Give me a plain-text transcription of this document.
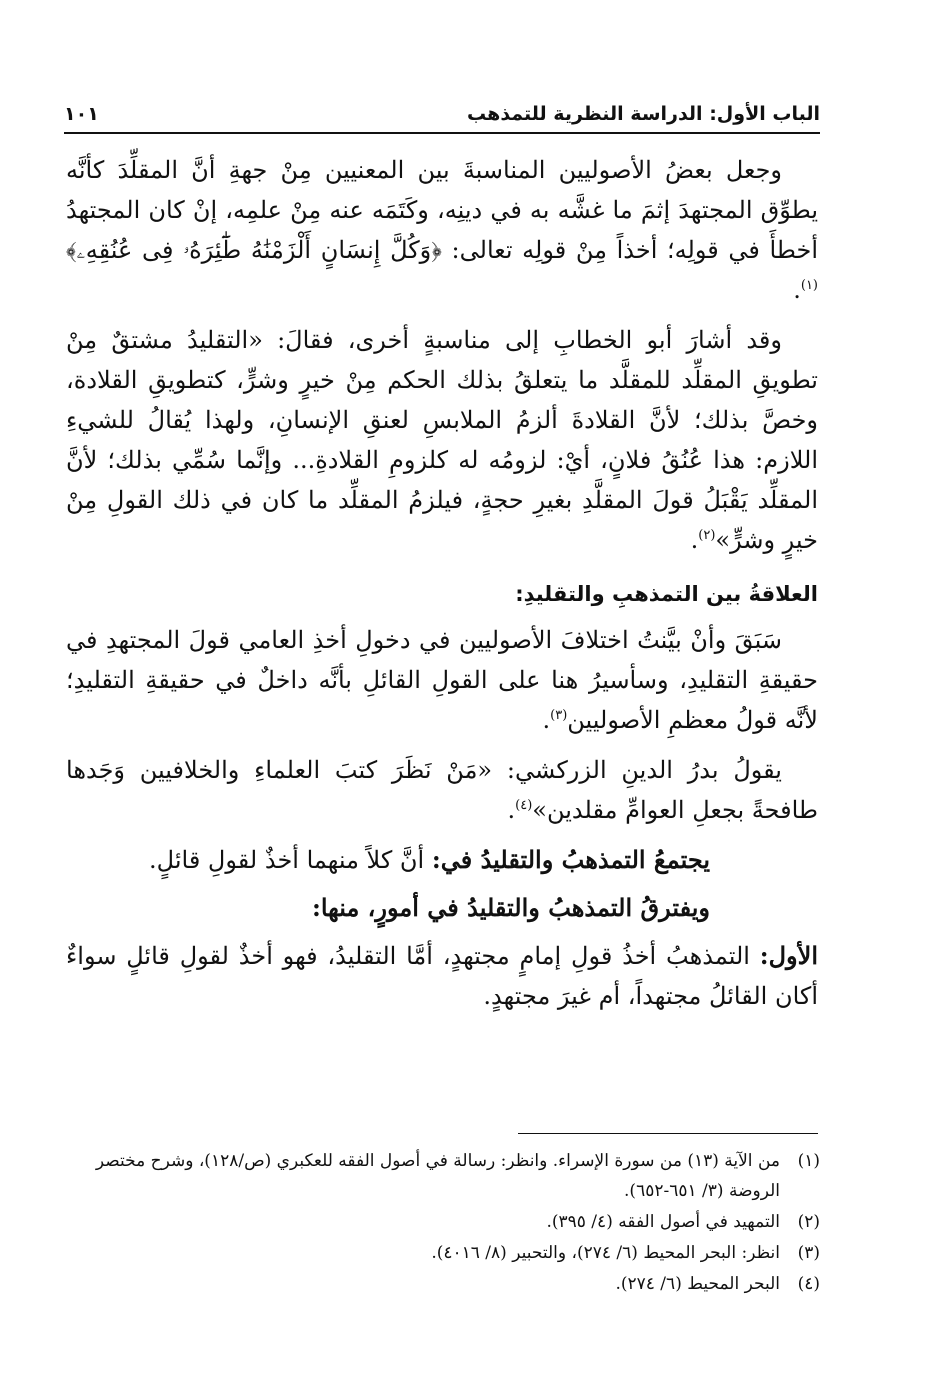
الباب الأول: الدراسة النظرية للتمذهب
١٠١

وجعل بعضُ الأصوليين المناسبةَ بين المعنيين مِنْ جهةِ أنَّ المقلِّدَ كأنَّه يطوِّق المجتهدَ إثمَ ما غشَّه به في دينِه، وكَتَمَه عنه مِنْ علمِه، إنْ كان المجتهدُ أخطأَ في قولِه؛ أخذاً مِنْ قولِه تعالى: ﴿وَكُلَّ إِنسَانٍ أَلْزَمْنَٰهُ طَٰٓئِرَهُۥ فِى عُنُقِهِۦ﴾$^{(١)}$.

وقد أشارَ أبو الخطابِ إلى مناسبةٍ أخرى، فقالَ: «التقليدُ مشتقٌ مِنْ تطويقِ المقلِّد للمقلَّد ما يتعلقُ بذلك الحكم مِنْ خيرٍ وشرٍّ، كتطويقِ القلادة، وخصَّ بذلك؛ لأنَّ القلادةَ ألزمُ الملابسِ لعنقِ الإنسانِ، ولهذا يُقالُ للشيءِ اللازم: هذا عُنُقُ فلانٍ، أيْ: لزومُه له كلزومِ القلادةِ... وإنَّما سُمِّي بذلك؛ لأنَّ المقلِّد يَقْبَلُ قولَ المقلَّدِ بغيرِ حجةٍ، فيلزمُ المقلِّد ما كان في ذلك القولِ مِنْ خيرٍ وشرٍّ»$^{(٢)}$.

العلاقةُ بين التمذهبِ والتقليدِ:

سَبَقَ وأنْ بيَّنتُ اختلافَ الأصوليين في دخولِ أخذِ العامي قولَ المجتهدِ في حقيقةِ التقليدِ، وسأسيرُ هنا على القولِ القائلِ بأنَّه داخلٌ في حقيقةِ التقليدِ؛ لأنَّه قولُ معظمِ الأصوليين$^{(٣)}$.

يقولُ بدرُ الدينِ الزركشي: «مَنْ نَظَرَ كتبَ العلماءِ والخلافيين وَجَدها طافحةً بجعلِ العوامِّ مقلدين»$^{(٤)}$.

يجتمعُ التمذهبُ والتقليدُ في: أنَّ كلاً منهما أخذٌ لقولِ قائلٍ.

ويفترقُ التمذهبُ والتقليدُ في أمورٍ، منها:

الأول: التمذهبُ أخذُ قولِ إمامٍ مجتهدٍ، أمَّا التقليدُ، فهو أخذٌ لقولِ قائلٍ سواءٌ أكان القائلُ مجتهداً، أم غيرَ مجتهدٍ.

(١)
من الآية (١٣) من سورة الإسراء. وانظر: رسالة في أصول الفقه للعكبري (ص/١٢٨)، وشرح مختصر الروضة (٣/ ٦٥١-٦٥٢).
(٢)
التمهيد في أصول الفقه (٤/ ٣٩٥).
(٣)
انظر: البحر المحيط (٦/ ٢٧٤)، والتحبير (٨/ ٤٠١٦).
(٤)
البحر المحيط (٦/ ٢٧٤).
